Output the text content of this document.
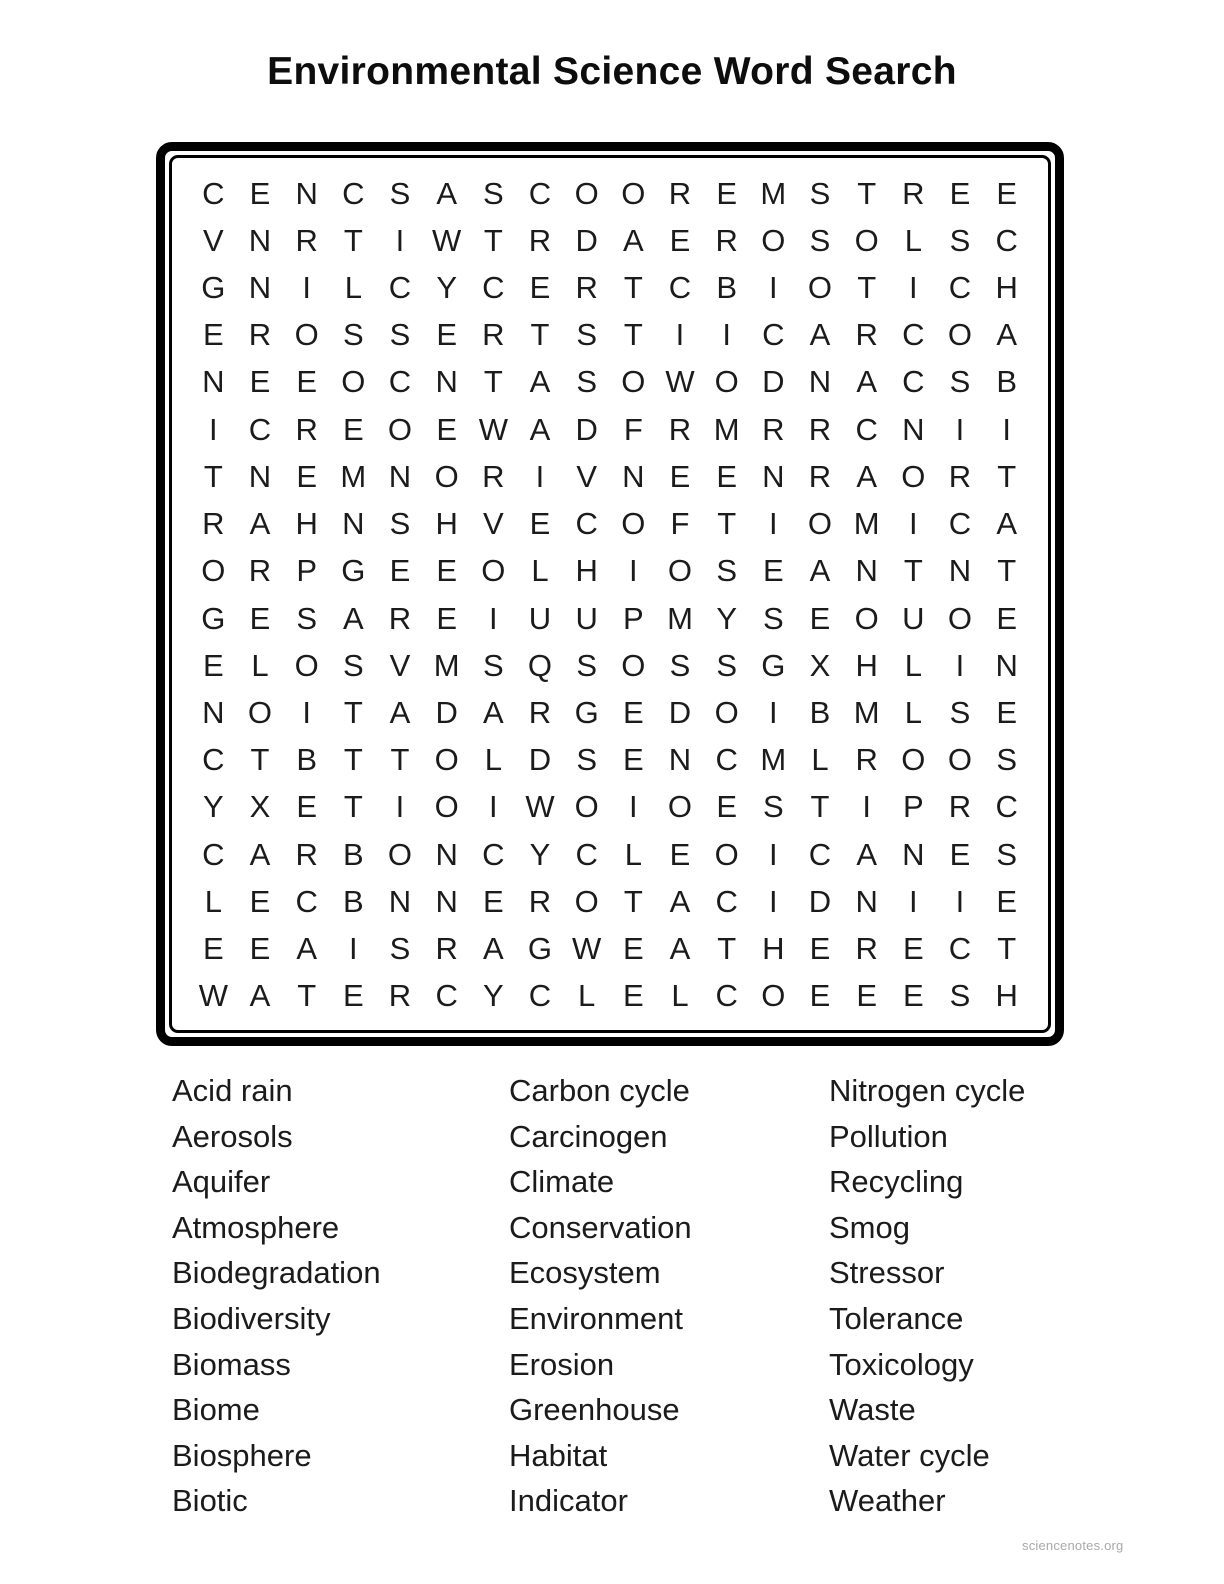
Environmental Science Word Search
C E N C S A S C O O R E M S T R E E
V N R T	I W T R D A E R O S O L S C
G N	I	L C Y C E R T C B	I O T	I	C H
E R O S S E R T S T	I	I	C A R C O A
N E E O C N T A S O W O D N A C S B
I	C R E O E W A D F R M R R C N	I	I
T N E M N O R	I	V N E E N R A O R T
R A H N S H V E C O F T	I O M I	C A
O R P G E E O L H	I O S E A N T N T
G E S A R E	I	U U P M Y S E O U O E
E L O S V M S Q S O S S G X H L	I	N
N O I	T A D A R G E D O I	B M L S E
C T B T T O L D S E N C M L R O O S
Y X E T	I O I W O I O E S T	I	P R C
C A R B O N C Y C L E O I	C A N E S
L E C B N N E R O T A C	I	D N	I	I	E
E E A	I	S R A G W E A T H E R E C T
W A T E R C Y C L E L C O E E E S H
Acid rain
Aerosols
Aquifer
Atmosphere
Biodegradation
Biodiversity
Biomass
Biome
Biosphere
Biotic
Carbon cycle
Carcinogen
Climate
Conservation
Ecosystem
Environment
Erosion
Greenhouse
Habitat
Indicator
Nitrogen cycle
Pollution
Recycling
Smog
Stressor
Tolerance
Toxicology
Waste
Water cycle
Weather
sciencenotes.org
